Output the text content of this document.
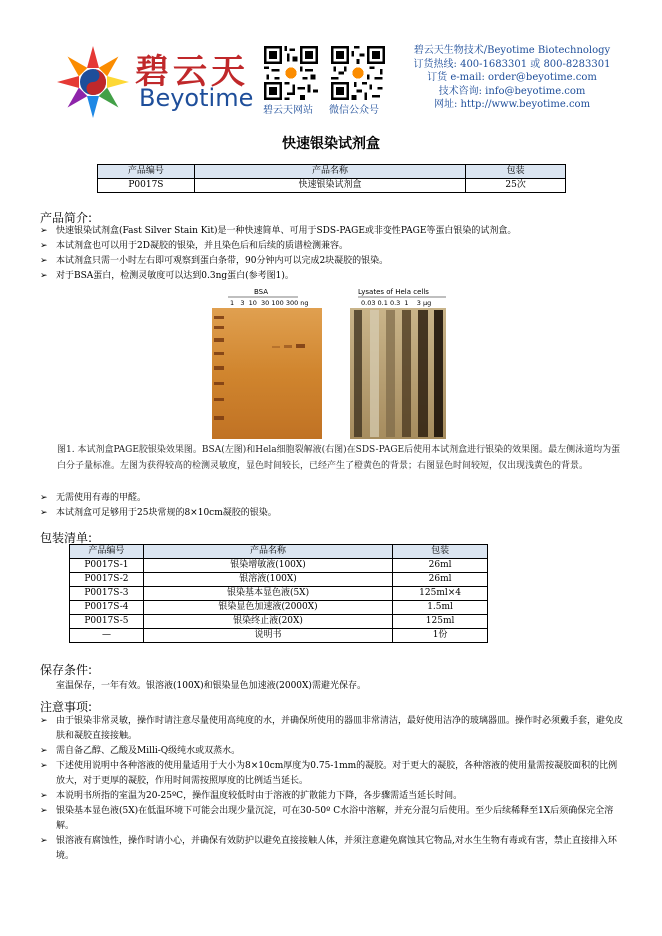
碧云天
Beyotime 碧云天网站 微信公众号
碧云天生物技术/Beyotime Biotechnology
订货热线: 400-1683301 或 800-8283301
订货 e-mail: order@beyotime.com
技术咨询: info@beyotime.com
网址: http://www.beyotime.com
快速银染试剂盒
产品编号	产品名称	包装
P0017S	快速银染试剂盒	25次
产品简介:
➢ 快速银染试剂盒(Fast Silver Stain Kit)是一种快速简单、可用于SDS-PAGE或非变性PAGE等蛋白银染的试剂盒。
➢ 本试剂盒也可以用于2D凝胶的银染，并且染色后和后续的质谱检测兼容。
➢ 本试剂盒只需一小时左右即可观察到蛋白条带，90分钟内可以完成2块凝胶的银染。
➢ 对于BSA蛋白，检测灵敏度可以达到0.3ng蛋白(参考图1)。
BSA
1   3  10  30 100 300 ng
Lysates of Hela cells
0.03 0.1 0.3  1    3 μg
图1. 本试剂盒PAGE胶银染效果图。BSA(左图)和Hela细胞裂解液(右图)在SDS-PAGE后使用本试剂盒进行银染的效果图。最左侧泳道均为蛋白分子量标准。左图为获得较高的检测灵敏度，显色时间较长，已经产生了橙黄色的背景；右图显色时间较短，仅出现浅黄色的背景。
➢ 无需使用有毒的甲醛。
➢ 本试剂盒可足够用于25块常规的8×10cm凝胶的银染。
包装清单:
产品编号	产品名称	包装
P0017S-1	银染增敏液(100X)	26ml
P0017S-2	银溶液(100X)	26ml
P0017S-3	银染基本显色液(5X)	125ml×4
P0017S-4	银染显色加速液(2000X)	1.5ml
P0017S-5	银染终止液(20X)	125ml
—	说明书	1份
保存条件:
室温保存，一年有效。银溶液(100X)和银染显色加速液(2000X)需避光保存。
注意事项:
➢ 由于银染非常灵敏，操作时请注意尽量使用高纯度的水，并确保所使用的器皿非常清洁，最好使用洁净的玻璃器皿。操作时必须戴手套，避免皮肤和凝胶直接接触。
➢ 需自备乙醇、乙酸及Milli-Q级纯水或双蒸水。
➢ 下述使用说明中各种溶液的使用量适用于大小为8×10cm厚度为0.75-1mm的凝胶。对于更大的凝胶，各种溶液的使用量需按凝胶面积的比例放大，对于更厚的凝胶，作用时间需按照厚度的比例适当延长。
➢ 本说明书所指的室温为20-25ºC，操作温度较低时由于溶液的扩散能力下降，各步骤需适当延长时间。
➢ 银染基本显色液(5X)在低温环境下可能会出现少量沉淀，可在30-50º C水浴中溶解，并充分混匀后使用。至少后续稀释至1X后须确保完全溶解。
➢ 银溶液有腐蚀性，操作时请小心，并确保有效防护以避免直接接触人体，并须注意避免腐蚀其它物品,对水生生物有毒或有害，禁止直接排入环境。
